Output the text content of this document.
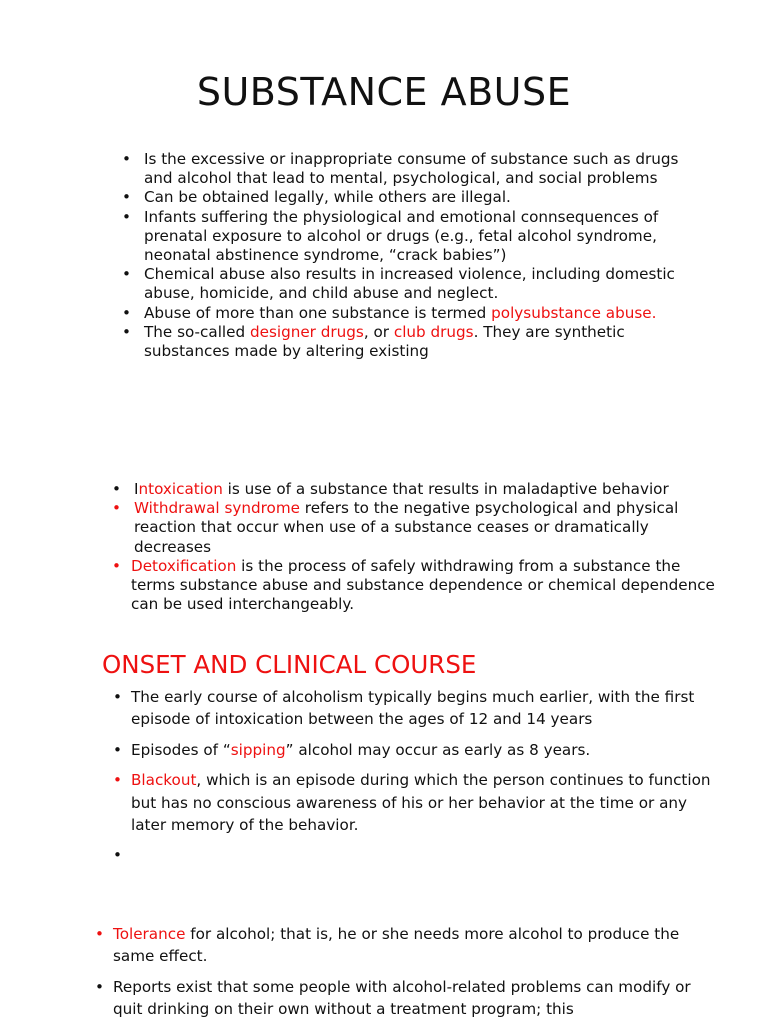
SUBSTANCE ABUSE
• Is the excessive or inappropriate consume of substance such as drugs and alcohol that lead to mental, psychological, and social problems
• Can be obtained legally, while others are illegal.
• Infants suffering the physiological and emotional connsequences of prenatal exposure to alcohol or drugs (e.g., fetal alcohol syndrome, neonatal abstinence syndrome, “crack babies”)
• Chemical abuse also results in increased violence, including domestic abuse, homicide, and child abuse and neglect.
• Abuse of more than one substance is termed polysubstance abuse.
• The so-called designer drugs, or club drugs. They are synthetic substances made by altering existing
• Intoxication is use of a substance that results in maladaptive behavior
• Withdrawal syndrome refers to the negative psychological and physical reaction that occur when use of a substance ceases or dramatically decreases
• Detoxification is the process of safely withdrawing from a substance the terms substance abuse and substance dependence or chemical dependence can be used interchangeably.
ONSET AND CLINICAL COURSE
• The early course of alcoholism typically begins much earlier, with the first episode of intoxication between the ages of 12 and 14 years
• Episodes of “sipping” alcohol may occur as early as 8 years.
• Blackout, which is an episode during which the person continues to function but has no conscious awareness of his or her behavior at the time or any later memory of the behavior.
•

• Tolerance for alcohol; that is, he or she needs more alcohol to produce the same effect.
• Reports exist that some people with alcohol-related problems can modify or quit drinking on their own without a treatment program; this
